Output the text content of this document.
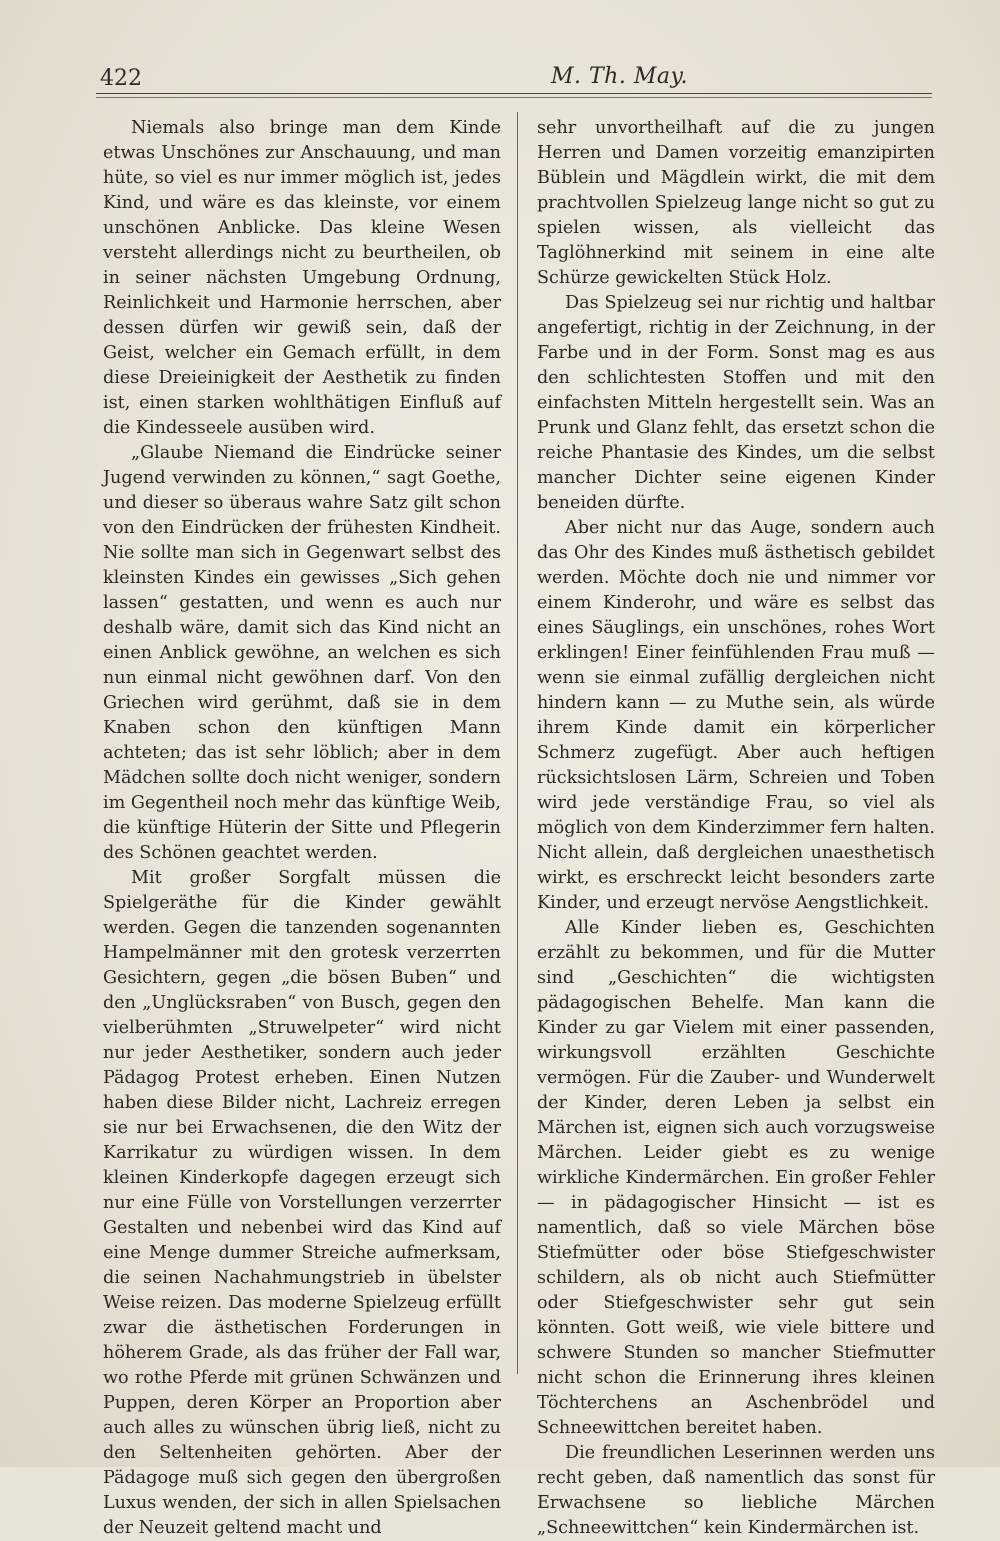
422	M. Th. May.

Niemals also bringe man dem Kinde etwas Unschönes zur Anschauung, und man hüte, so viel es nur immer möglich ist, jedes Kind, und wäre es das kleinste, vor einem unschönen Anblicke. Das kleine Wesen versteht allerdings nicht zu beurtheilen, ob in seiner nächsten Umgebung Ordnung, Reinlichkeit und Harmonie herrschen, aber dessen dürfen wir gewiß sein, daß der Geist, welcher ein Gemach erfüllt, in dem diese Dreieinigkeit der Aesthetik zu finden ist, einen starken wohlthätigen Einfluß auf die Kindesseele ausüben wird.

„Glaube Niemand die Eindrücke seiner Jugend verwinden zu können,“ sagt Goethe, und dieser so überaus wahre Satz gilt schon von den Eindrücken der frühesten Kindheit. Nie sollte man sich in Gegenwart selbst des kleinsten Kindes ein gewisses „Sich gehen lassen“ gestatten, und wenn es auch nur deshalb wäre, damit sich das Kind nicht an einen Anblick gewöhne, an welchen es sich nun einmal nicht gewöhnen darf. Von den Griechen wird gerühmt, daß sie in dem Knaben schon den künftigen Mann achteten; das ist sehr löblich; aber in dem Mädchen sollte doch nicht weniger, sondern im Gegentheil noch mehr das künftige Weib, die künftige Hüterin der Sitte und Pflegerin des Schönen geachtet werden.

Mit großer Sorgfalt müssen die Spielgeräthe für die Kinder gewählt werden. Gegen die tanzenden sogenannten Hampelmänner mit den grotesk verzerrten Gesichtern, gegen „die bösen Buben“ und den „Unglücksraben“ von Busch, gegen den vielberühmten „Struwelpeter“ wird nicht nur jeder Aesthetiker, sondern auch jeder Pädagog Protest erheben. Einen Nutzen haben diese Bilder nicht, Lachreiz erregen sie nur bei Erwachsenen, die den Witz der Karrikatur zu würdigen wissen. In dem kleinen Kinderkopfe dagegen erzeugt sich nur eine Fülle von Vorstellungen verzerrter Gestalten und nebenbei wird das Kind auf eine Menge dummer Streiche aufmerksam, die seinen Nachahmungstrieb in übelster Weise reizen. Das moderne Spielzeug erfüllt zwar die ästhetischen Forderungen in höherem Grade, als das früher der Fall war, wo rothe Pferde mit grünen Schwänzen und Puppen, deren Körper an Proportion aber auch alles zu wünschen übrig ließ, nicht zu den Seltenheiten gehörten. Aber der Pädagoge muß sich gegen den übergroßen Luxus wenden, der sich in allen Spielsachen der Neuzeit geltend macht und

sehr unvortheilhaft auf die zu jungen Herren und Damen vorzeitig emanzipirten Büblein und Mägdlein wirkt, die mit dem prachtvollen Spielzeug lange nicht so gut zu spielen wissen, als vielleicht das Taglöhnerkind mit seinem in eine alte Schürze gewickelten Stück Holz.

Das Spielzeug sei nur richtig und haltbar angefertigt, richtig in der Zeichnung, in der Farbe und in der Form. Sonst mag es aus den schlichtesten Stoffen und mit den einfachsten Mitteln hergestellt sein. Was an Prunk und Glanz fehlt, das ersetzt schon die reiche Phantasie des Kindes, um die selbst mancher Dichter seine eigenen Kinder beneiden dürfte.

Aber nicht nur das Auge, sondern auch das Ohr des Kindes muß ästhetisch gebildet werden. Möchte doch nie und nimmer vor einem Kinderohr, und wäre es selbst das eines Säuglings, ein unschönes, rohes Wort erklingen! Einer feinfühlenden Frau muß — wenn sie einmal zufällig dergleichen nicht hindern kann — zu Muthe sein, als würde ihrem Kinde damit ein körperlicher Schmerz zugefügt. Aber auch heftigen rücksichtslosen Lärm, Schreien und Toben wird jede verständige Frau, so viel als möglich von dem Kinderzimmer fern halten. Nicht allein, daß dergleichen unaesthetisch wirkt, es erschreckt leicht besonders zarte Kinder, und erzeugt nervöse Aengstlichkeit.

Alle Kinder lieben es, Geschichten erzählt zu bekommen, und für die Mutter sind „Geschichten“ die wichtigsten pädagogischen Behelfe. Man kann die Kinder zu gar Vielem mit einer passenden, wirkungsvoll erzählten Geschichte vermögen. Für die Zauber- und Wunderwelt der Kinder, deren Leben ja selbst ein Märchen ist, eignen sich auch vorzugsweise Märchen. Leider giebt es zu wenige wirkliche Kindermärchen. Ein großer Fehler — in pädagogischer Hinsicht — ist es namentlich, daß so viele Märchen böse Stiefmütter oder böse Stiefgeschwister schildern, als ob nicht auch Stiefmütter oder Stiefgeschwister sehr gut sein könnten. Gott weiß, wie viele bittere und schwere Stunden so mancher Stiefmutter nicht schon die Erinnerung ihres kleinen Töchterchens an Aschenbrödel und Schneewittchen bereitet haben.

Die freundlichen Leserinnen werden uns recht geben, daß namentlich das sonst für Erwachsene so liebliche Märchen „Schneewittchen“ kein Kindermärchen ist.
